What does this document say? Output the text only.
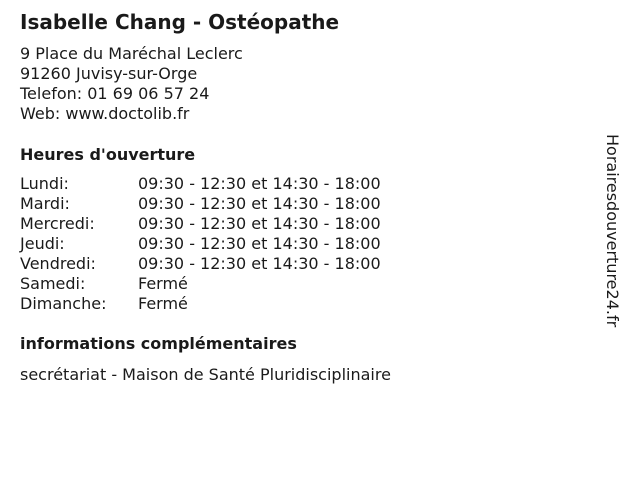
Isabelle Chang - Ostéopathe
9 Place du Maréchal Leclerc
91260 Juvisy-sur-Orge
Telefon: 01 69 06 57 24
Web: www.doctolib.fr
Heures d'ouverture
Lundi:	09:30 - 12:30 et 14:30 - 18:00
Mardi:	09:30 - 12:30 et 14:30 - 18:00
Mercredi:	09:30 - 12:30 et 14:30 - 18:00
Jeudi:	09:30 - 12:30 et 14:30 - 18:00
Vendredi:	09:30 - 12:30 et 14:30 - 18:00
Samedi:	Fermé
Dimanche:	Fermé
informations complémentaires
secrétariat - Maison de Santé Pluridisciplinaire
Horairesdouverture24.fr
